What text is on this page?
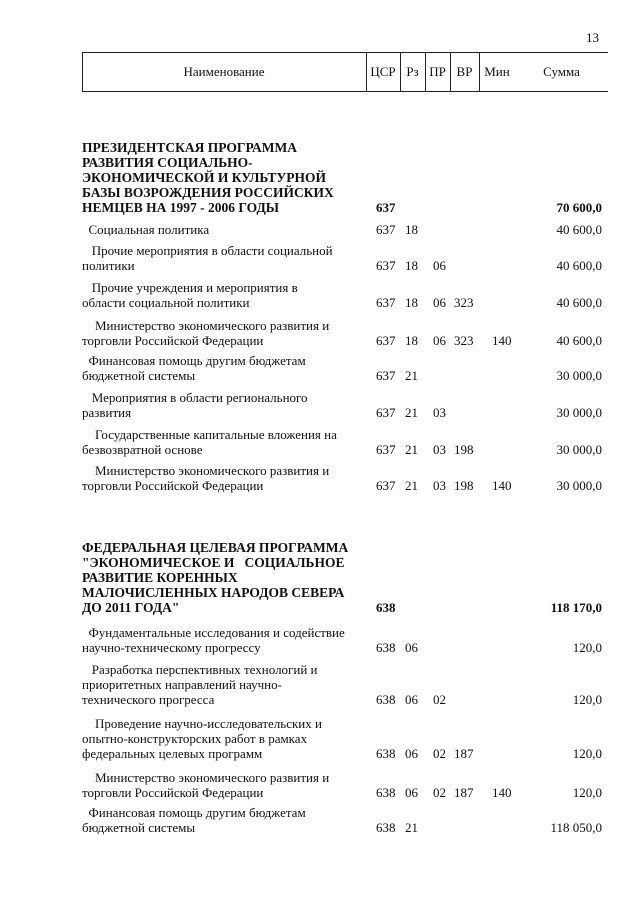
13
Наименование	ЦСР Рз ПР ВР Мин	Сумма
ПРЕЗИДЕНТСКАЯ ПРОГРАММА
РАЗВИТИЯ СОЦИАЛЬНО-
ЭКОНОМИЧЕСКОЙ И КУЛЬТУРНОЙ
БАЗЫ ВОЗРОЖДЕНИЯ РОССИЙСКИХ
НЕМЦЕВ НА 1997 - 2006 ГОДЫ	637	70 600,0
Социальная политика	637 18	40 600,0
Прочие мероприятия в области социальной
политики	637 18 06	40 600,0
Прочие учреждения и мероприятия в
области социальной политики	637 18 06 323	40 600,0
Министерство экономического развития и
торговли Российской Федерации	637 18 06 323 140	40 600,0
Финансовая помощь другим бюджетам
бюджетной системы	637 21	30 000,0
Мероприятия в области регионального
развития	637 21 03	30 000,0
Государственные капитальные вложения на
безвозвратной основе	637 21 03 198	30 000,0
Министерство экономического развития и
торговли Российской Федерации	637 21 03 198 140	30 000,0
ФЕДЕРАЛЬНАЯ ЦЕЛЕВАЯ ПРОГРАММА
"ЭКОНОМИЧЕСКОЕ И   СОЦИАЛЬНОЕ
РАЗВИТИЕ КОРЕННЫХ
МАЛОЧИСЛЕННЫХ НАРОДОВ СЕВЕРА
ДО 2011 ГОДА"	638	118 170,0
Фундаментальные исследования и содействие
научно-техническому прогрессу	638 06	120,0
Разработка перспективных технологий и
приоритетных направлений научно-
технического прогресса	638 06 02	120,0
Проведение научно-исследовательских и
опытно-конструкторских работ в рамках
федеральных целевых программ	638 06 02 187	120,0
Министерство экономического развития и
торговли Российской Федерации	638 06 02 187 140	120,0
Финансовая помощь другим бюджетам
бюджетной системы	638 21	118 050,0
